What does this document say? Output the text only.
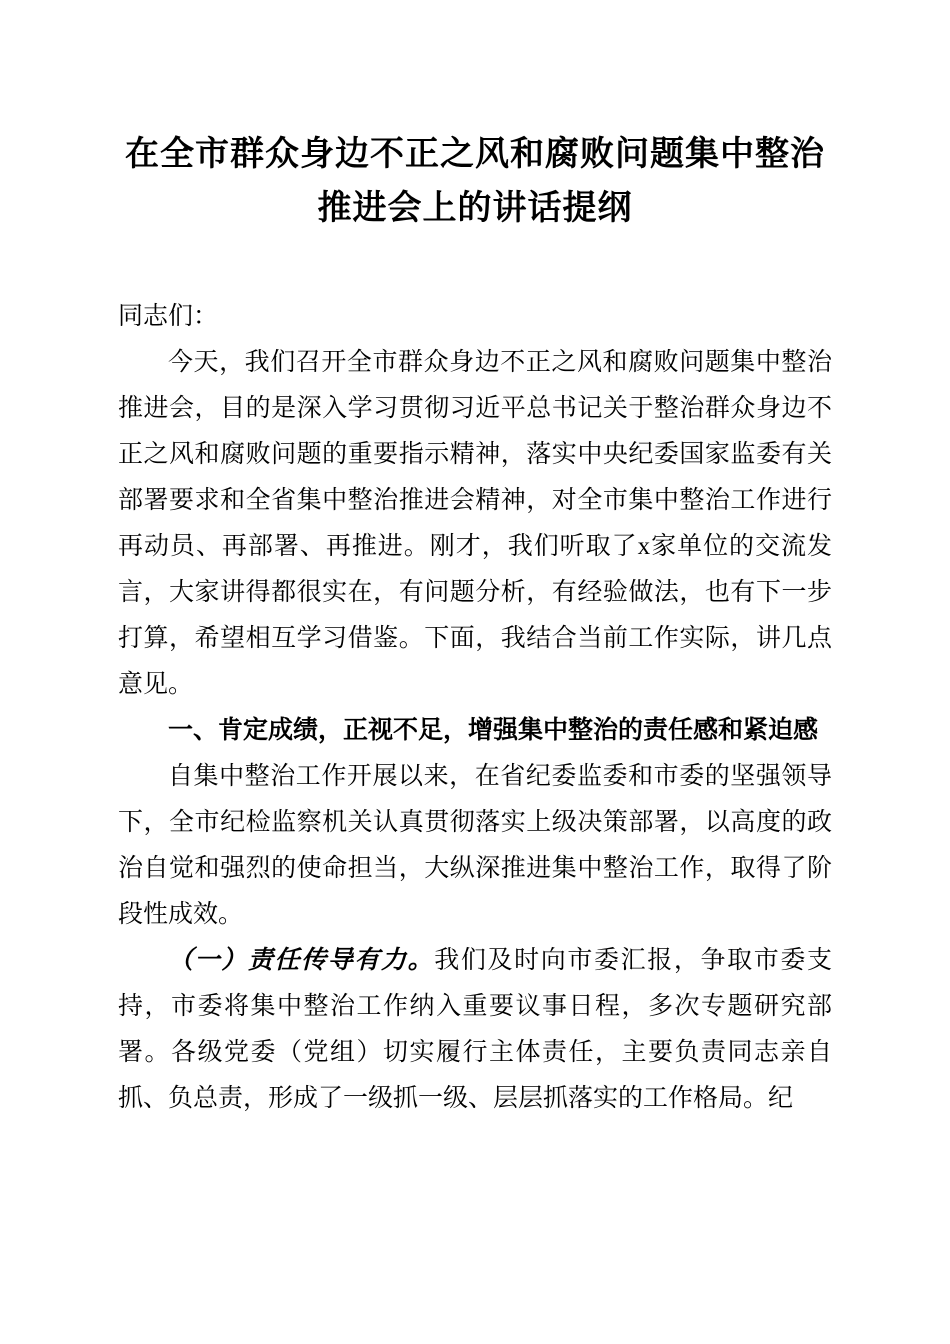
在全市群众身边不正之风和腐败问题集中整治
推进会上的讲话提纲

同志们：

今天，我们召开全市群众身边不正之风和腐败问题集中整治推进会，目的是深入学习贯彻习近平总书记关于整治群众身边不正之风和腐败问题的重要指示精神，落实中央纪委国家监委有关部署要求和全省集中整治推进会精神，对全市集中整治工作进行再动员、再部署、再推进。刚才，我们听取了x家单位的交流发言，大家讲得都很实在，有问题分析，有经验做法，也有下一步打算，希望相互学习借鉴。下面，我结合当前工作实际，讲几点意见。

一、肯定成绩，正视不足，增强集中整治的责任感和紧迫感

自集中整治工作开展以来，在省纪委监委和市委的坚强领导下，全市纪检监察机关认真贯彻落实上级决策部署，以高度的政治自觉和强烈的使命担当，大纵深推进集中整治工作，取得了阶段性成效。

（一）责任传导有力。我们及时向市委汇报，争取市委支持，市委将集中整治工作纳入重要议事日程，多次专题研究部署。各级党委（党组）切实履行主体责任，主要负责同志亲自抓、负总责，形成了一级抓一级、层层抓落实的工作格局。纪
